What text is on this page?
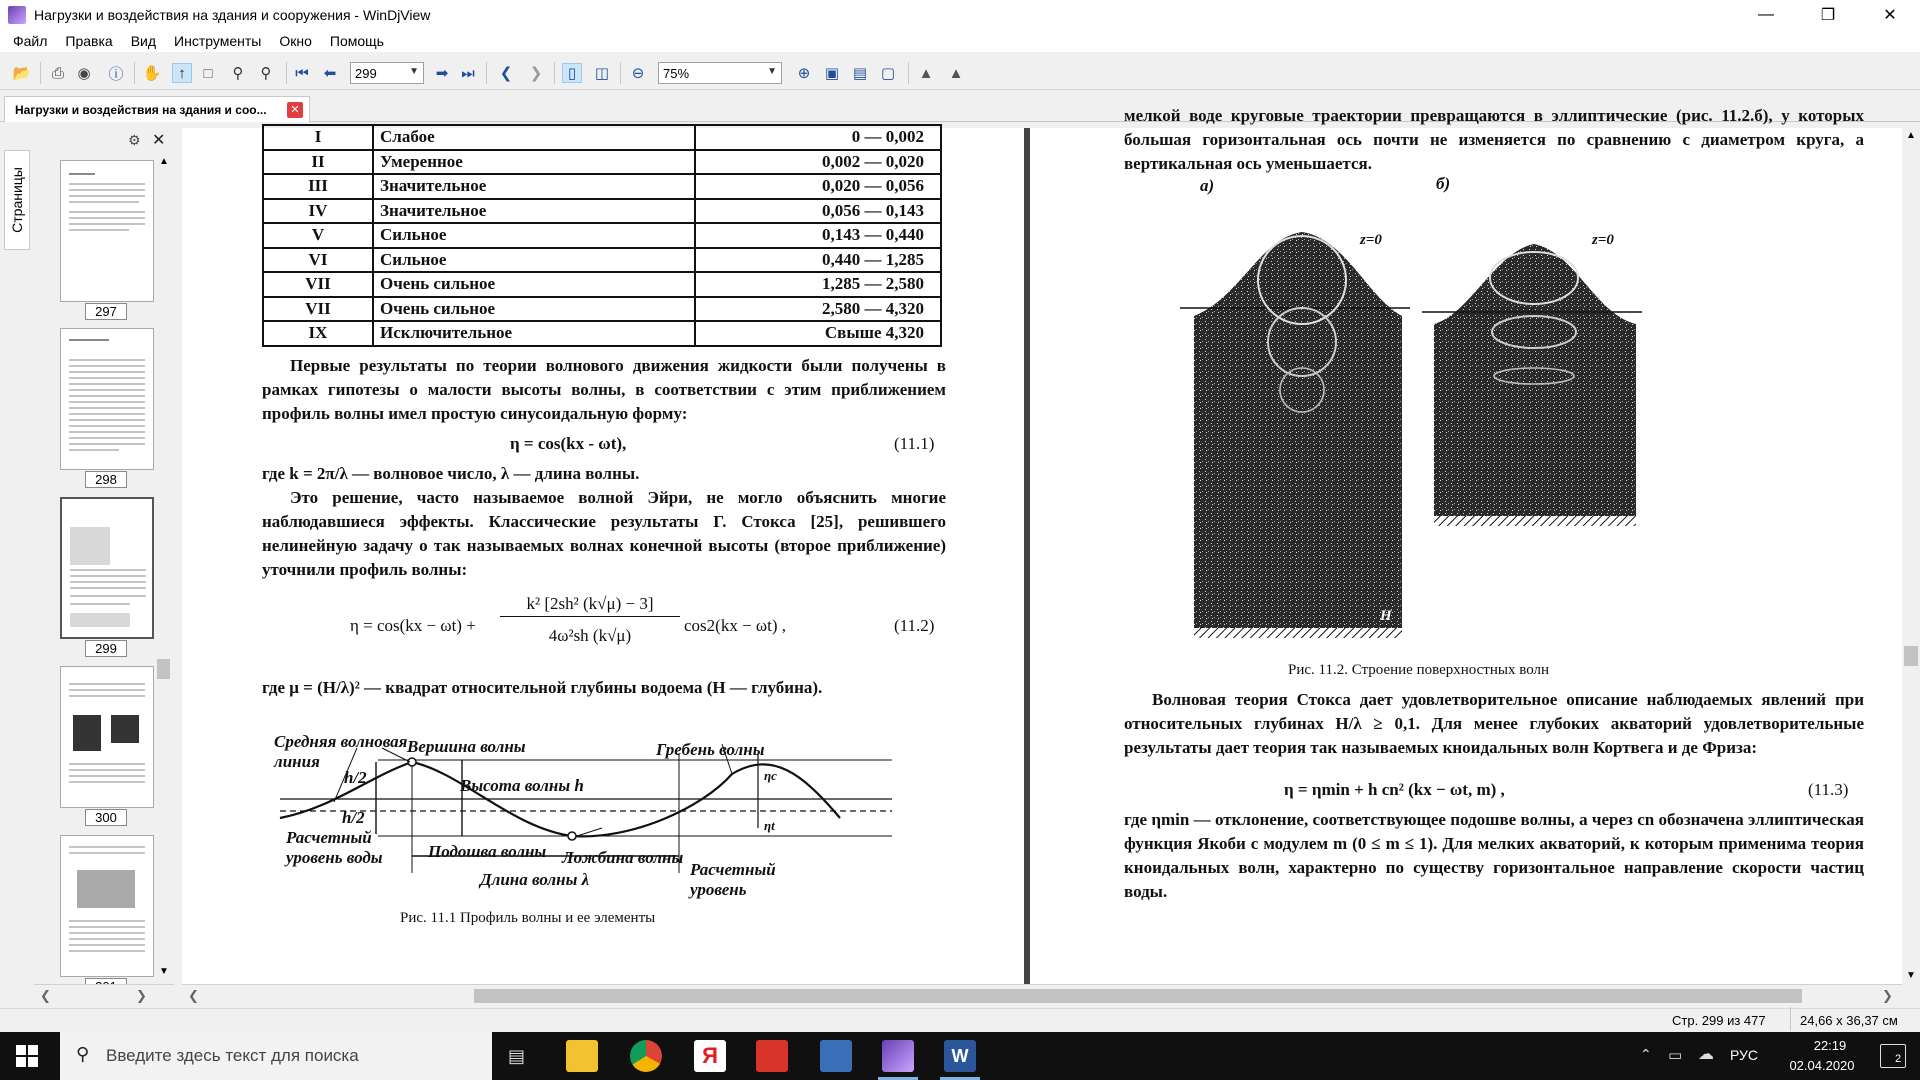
Нагрузки и воздействия на здания и сооружения - WinDjView	—	❐	✕
Файл	Правка	Вид	Инструменты	Окно	Помощь
📂 ⎙ ◉ ⓘ ✋	↑	□	⚲	⚲	⏮ ⬅ 299	▼ ➡ ⏭ ❮ ❯	▯	◫ ⊖ 75%	▼ ⊕ ▣ ▤ ▢ ▲ ▲
Нагрузки и воздействия на здания и соо...	✕
Страницы
⚙ ✕
297
298
299
300
▲
▼
❮	❯
I	Слабое	0 — 0,002
II	Умеренное	0,002 — 0,020
III	Значительное	0,020 — 0,056
IV	Значительное	0,056 — 0,143
V	Сильное	0,143 — 0,440
VI	Сильное	0,440 — 1,285
VII	Очень сильное	1,285 — 2,580
VII	Очень сильное	2,580 — 4,320
IX	Исключительное	Свыше 4,320
Первые результаты по теории волнового движения жидкости были получены в рамках гипотезы о малости высоты волны, в соответствии с этим приближением профиль волны имел простую синусоидальную форму:
η = cos(kx - ωt),	(11.1)
где k = 2π/λ — волновое число, λ — длина волны.
Это решение, часто называемое волной Эйри, не могло объяснить многие наблюдавшиеся эффекты. Классические результаты Г. Стокса [25], решившего нелинейную задачу о так называемых волнах конечной высоты (второе приближение) уточнили профиль волны:
η = cos(kx − ωt) +
k² [2sh² (k√μ) − 3]
4ω²sh (k√μ)
cos2(kx − ωt) ,	(11.2)
где μ = (H/λ)² — квадрат относительной глубины водоема (H — глубина).
Средняя волновая линия
Вершина волны	Гребень волны
Высота волны h
h/2
h/2
Расчетный уровень воды	Подошва волны Ложбина волны
Расчетный уровень
Длина волны λ
ηc
ηt
Рис. 11.1 Профиль волны и ее элементы
мелкой воде круговые траектории превращаются в эллиптические (рис. 11.2.б), у которых большая горизонтальная ось почти не изменяется по сравнению с диаметром круга, а вертикальная ось уменьшается.
а)	б)
z=0	z=0
H
Рис. 11.2. Строение поверхностных волн
Волновая теория Стокса дает удовлетворительное описание наблюдаемых явлений при относительных глубинах H/λ ≥ 0,1. Для менее глубоких акваторий удовлетворительные результаты дает теория так называемых кноидальных волн Кортвега и де Фриза:
η = ηmin + h cn² (kx − ωt, m) ,	(11.3)
где ηmin — отклонение, соответствующее подошве волны, а через cn обозначена эллиптическая функция Якоби с модулем m (0 ≤ m ≤ 1). Для мелких акваторий, к которым применима теория кноидальных волн, характерно по существу горизонтальное направление скорости частиц воды.
▲
▼
❮	❯
Стр. 299 из 477	24,66 x 36,37 см
⚲ Введите здесь текст для поиска	▤	Я	W	⌃ ▭ ☁ РУС
22:19
02.04.2020	2
